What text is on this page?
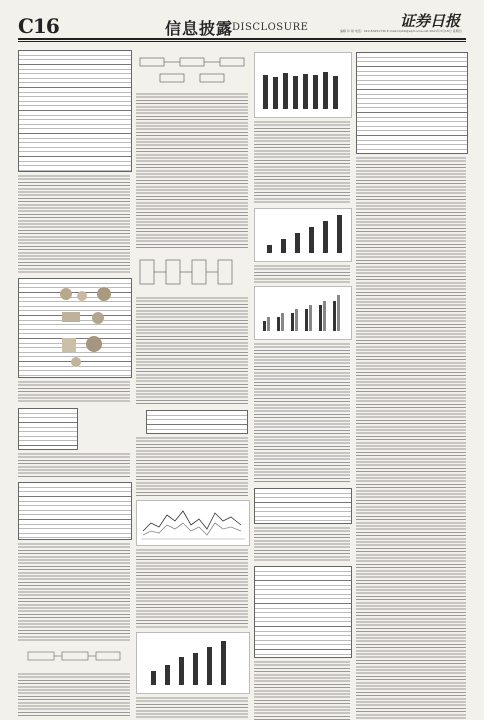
C16	信息披露
DISCLOSURE	证券日报
编辑 许 闻 电话：010-83251730 E-mail:zqrb9@zqrb.sina.net 2021年3月18日 星期四
